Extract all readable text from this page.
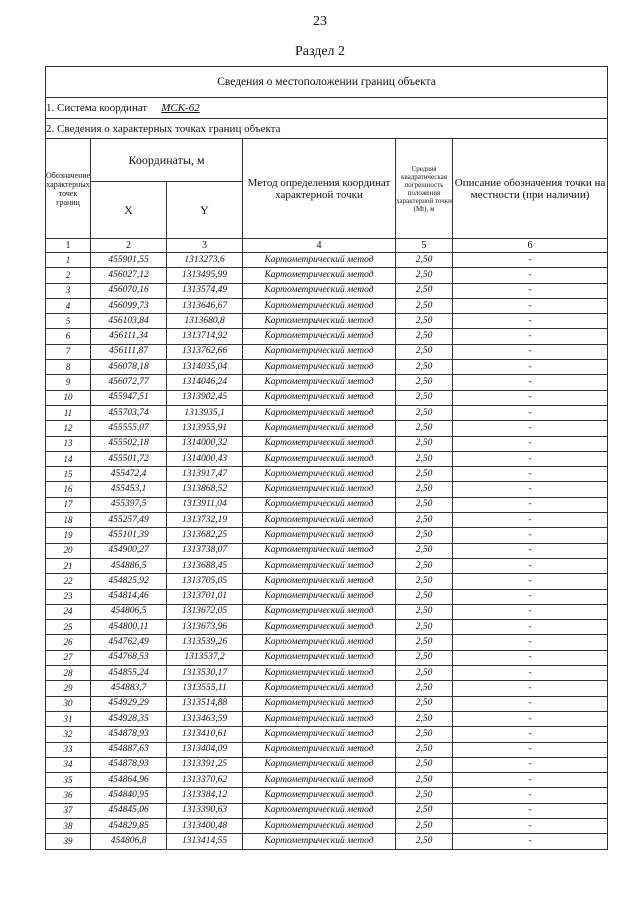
23
Раздел 2
Сведения о местоположении границ объекта					
1. Система координат МСК-62					
2. Сведения о характерных точках границ объекта					
Обозначение характерных точек границ	Координаты, м		Метод определения координат характерной точки	Средняя квадратическая погрешность положения характерной точки (Mt), м	Описание обозначения точки на местности (при наличии)
	X	Y			
1	2	3	4	5	6
1	455901,55	1313273,6	Картометрический метод	2,50	-
2	456027,12	1313495,99	Картометрический метод	2,50	-
3	456070,16	1313574,49	Картометрический метод	2,50	-
4	456099,73	1313646,67	Картометрический метод	2,50	-
5	456103,84	1313680,8	Картометрический метод	2,50	-
6	456111,34	1313714,92	Картометрический метод	2,50	-
7	456111,87	1313762,66	Картометрический метод	2,50	-
8	456078,18	1314035,04	Картометрический метод	2,50	-
9	456072,77	1314046,24	Картометрический метод	2,50	-
10	455947,51	1313902,45	Картометрический метод	2,50	-
11	455703,74	1313935,1	Картометрический метод	2,50	-
12	455555,07	1313955,91	Картометрический метод	2,50	-
13	455502,18	1314000,32	Картометрический метод	2,50	-
14	455501,72	1314000,43	Картометрический метод	2,50	-
15	455472,4	1313917,47	Картометрический метод	2,50	-
16	455453,1	1313868,52	Картометрический метод	2,50	-
17	455397,5	1313911,04	Картометрический метод	2,50	-
18	455257,49	1313732,19	Картометрический метод	2,50	-
19	455101,39	1313682,25	Картометрический метод	2,50	-
20	454900,27	1313738,07	Картометрический метод	2,50	-
21	454886,5	1313688,45	Картометрический метод	2,50	-
22	454825,92	1313705,05	Картометрический метод	2,50	-
23	454814,46	1313701,01	Картометрический метод	2,50	-
24	454806,5	1313672,05	Картометрический метод	2,50	-
25	454800,11	1313673,96	Картометрический метод	2,50	-
26	454762,49	1313539,26	Картометрический метод	2,50	-
27	454768,53	1313537,2	Картометрический метод	2,50	-
28	454855,24	1313530,17	Картометрический метод	2,50	-
29	454883,7	1313555,11	Картометрический метод	2,50	-
30	454929,29	1313514,88	Картометрический метод	2,50	-
31	454928,35	1313463,59	Картометрический метод	2,50	-
32	454878,93	1313410,61	Картометрический метод	2,50	-
33	454887,63	1313404,09	Картометрический метод	2,50	-
34	454878,93	1313391,25	Картометрический метод	2,50	-
35	454864,96	1313370,62	Картометрический метод	2,50	-
36	454840,95	1313384,12	Картометрический метод	2,50	-
37	454845,06	1313390,63	Картометрический метод	2,50	-
38	454829,85	1313400,48	Картометрический метод	2,50	-
39	454806,8	1313414,55	Картометрический метод	2,50	-
